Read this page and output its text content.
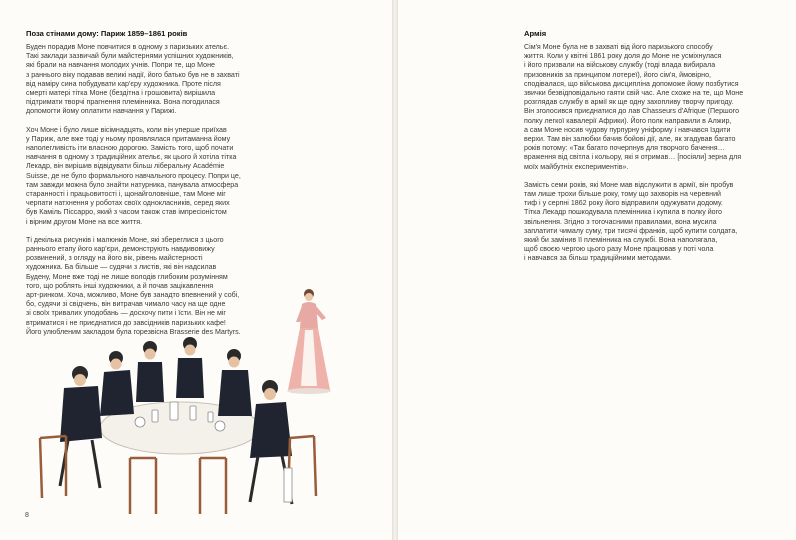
Поза стінами дому: Париж 1859–1861 років

Буден порадив Моне повчитися в одному з паризьких ательє.
Такі заклади зазвичай були майстернями успішних художників,
які брали на навчання молодих учнів. Попри те, що Моне
з раннього віку подавав великі надії, його батько був не в захваті
від наміру сина побудувати кар'єру художника. Проте після
смерті матері тітка Моне (бездітна і грошовита) вирішила
підтримати творчі прагнення племінника. Вона погодилася
допомогти йому оплатити навчання у Парижі.

Хоч Моне і було лише вісімнадцять, коли він уперше приїхав
у Париж, але вже тоді у ньому проявлялася притаманна йому
наполегливість іти власною дорогою. Замість того, щоб почати
навчання в одному з традиційних ательє, як цього й хотіла тітка
Лекадр, він вирішив відвідувати більш ліберальну Académie
Suisse, де не було формального навчального процесу. Попри це,
там завжди можна було знайти натурника, панувала атмосфера
старанності і працьовитості і, щонайголовніше, там Моне міг
черпати натхнення у роботах своїх однокласників, серед яких
був Каміль Піссарро, який з часом також став імпресіоністом
і вірним другом Моне на все життя.

Ті декілька рисунків і малюнків Моне, які збереглися з цього
раннього етапу його кар'єри, демонструють навдивовижу
розвинений, з огляду на його вік, рівень майстерності
художника. Ба більше — судячи з листів, які він надсилав
Будену, Моне вже тоді не лише володів глибоким розумінням
того, що роблять інші художники, а й почав зацікавлення
арт-ринком. Хоча, можливо, Моне був занадто впевнений у собі,
бо, судячи зі свідчень, він витрачав чимало часу на ще одне
зі своїх тривалих уподобань — досхочу пити і їсти. Він не міг
втриматися і не приєднатися до завсідників паризьких кафе!
Його улюбленим закладом була горезвісна Brasserie des Martyrs.

8
Армія

Сім'я Моне була не в захваті від його паризького способу
життя. Коли у квітні 1861 року доля до Моне не усміхнулася
і його призвали на військову службу (тоді влада вибирала
призовників за принципом лотереї), його сім'я, ймовірно,
сподівалася, що військова дисципліна допоможе йому позбутися
звички безвідповідально гаяти свій час. Але схоже на те, що Моне
розглядав службу в армії як ще одну захопливу творчу пригоду.
Він зголосився приєднатися до лав Chasseurs d'Afrique (Першого
полку легкої кавалерії Африки). Його полк направили в Алжир,
а сам Моне носив чудову пурпурну уніформу і навчався їздити
верхи. Там він залюбки бачив бойові дії, але, як згадував багато
років потому: «Так багато почерпнув для творчого бачення…
враження від світла і кольору, які я отримав… [посіяли] зерна для
моїх майбутніх експериментів».

Замість семи років, які Моне мав відслужити в армії, він пробув
там лише трохи більше року, тому що захворів на черевний
тиф і у серпні 1862 року його відправили одужувати додому.
Тітка Лекадр пошкодувала племінника і купила в полку його
звільнення. Згідно з тогочасними правилами, вона мусила
заплатити чималу суму, три тисячі франків, щоб купити солдата,
який би замінив її племінника на службі. Вона наполягала,
щоб своєю чергою цього разу Моне працював у поті чола
і навчався за більш традиційними методами.
